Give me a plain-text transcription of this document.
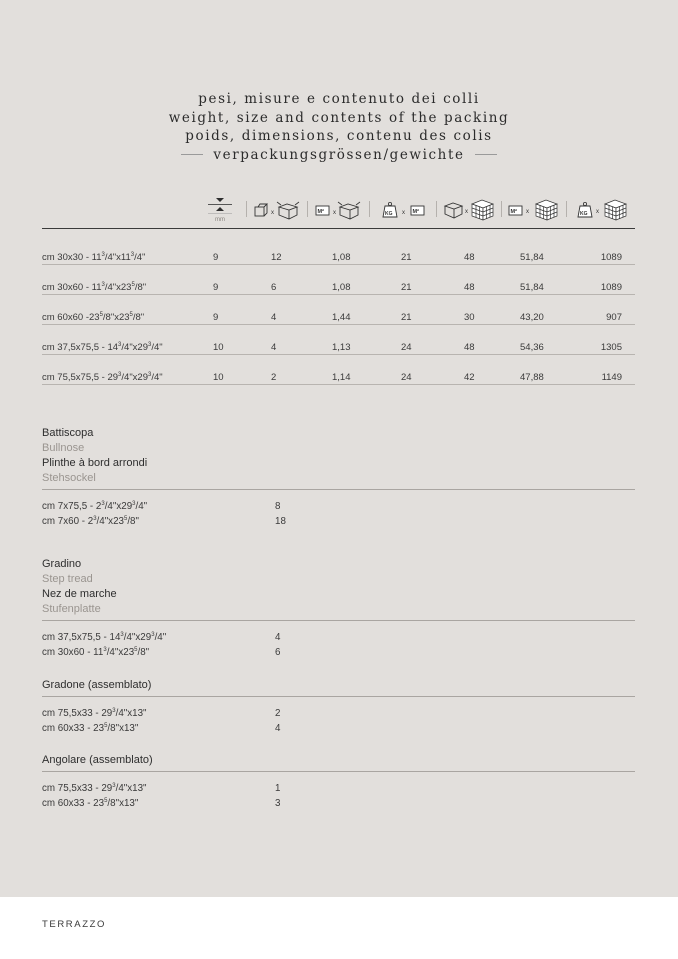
pesi, misure e contenuto dei colli
weight, size and contents of the packing
poids, dimensions, contenu des colis
verpackungsgrössen/gewichte
mm
x	M² x	KG x M²	x	M² x	KG x
cm $30x30 - 11^3/4"x11^3/4$"	9	12	1,08	21	48	51,84	1089
cm $30x60 - 11^3/4"x23^5/8$"	9	6	1,08	21	48	51,84	1089
cm 60x60 $-23^5/8"x23^5/8$"	9	4	1,44	21	30	43,20	907
cm $37,5x75,5 - 14^3/4"x29^3/4$"	10	4	1,13	24	48	54,36	1305
cm $75,5x75,5 - 29^3/4"x29^3/4$"	10	2	1,14	24	42	47,88	1149
Battiscopa
Bullnose
Plinthe à bord arrondi
Stehsockel
cm $7x75,5 - 2^3/4"x29^3/4$"	8
cm $7x60 - 2^3/4"x23^5/8$"	18
Gradino
Step tread
Nez de marche
Stufenplatte
cm $37,5x75,5 - 14^3/4"x29^3/4$"	4
cm $30x60 - 11^3/4"x23^5/8$"	6
Gradone (assemblato)
cm $75,5x33 - 29^3/4"x13$"	2
cm $60x33 - 23^5/8"x13$"	4
Angolare (assemblato)
cm $75,5x33 - 29^3/4"x13$"	1
cm $60x33 - 23^5/8"x13$"	3
TERRAZZO
